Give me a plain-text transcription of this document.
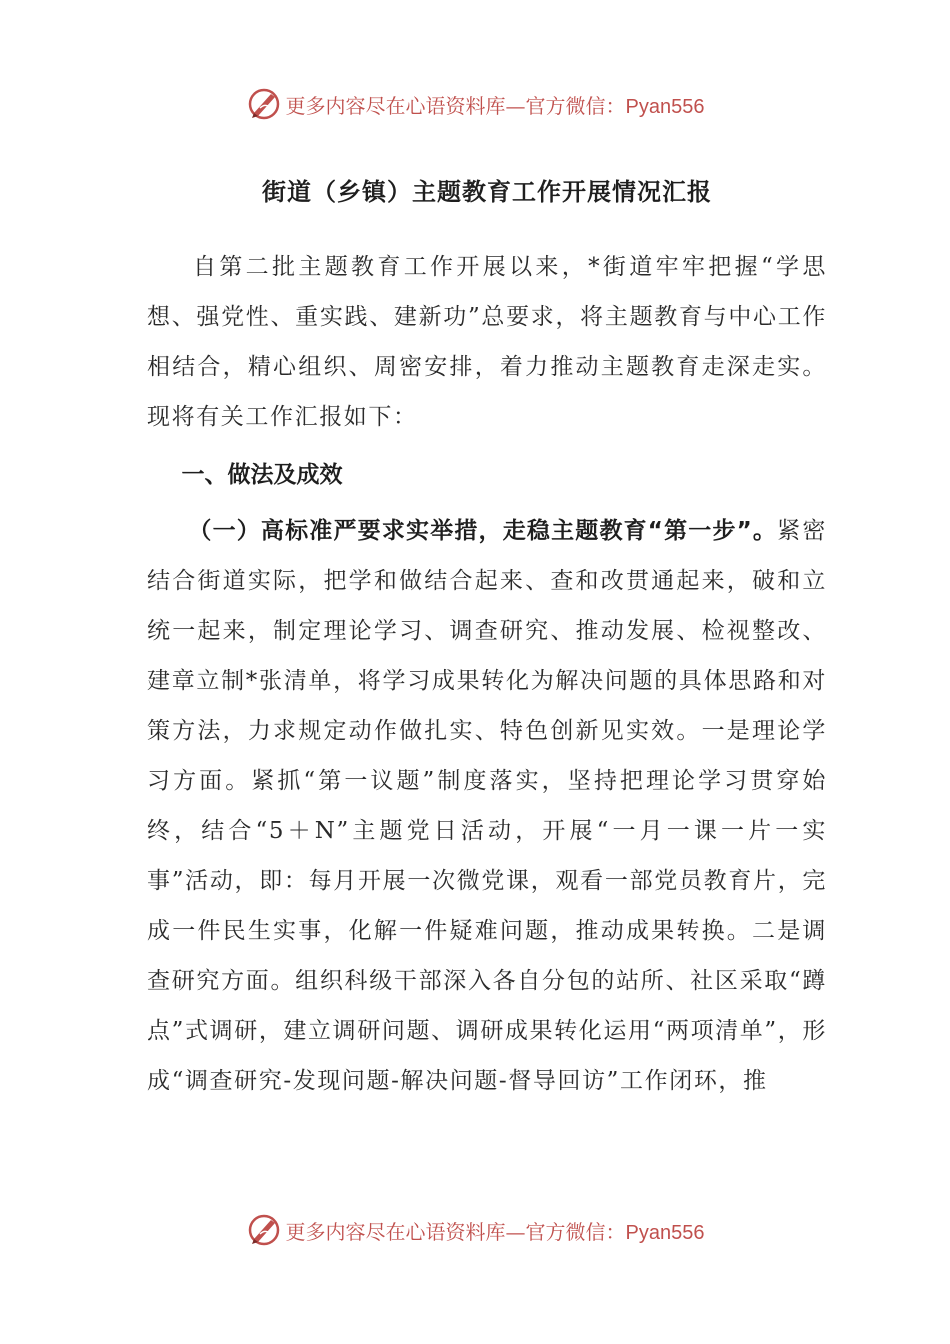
更多内容尽在心语资料库—官方微信：Pyan556
街道（乡镇）主题教育工作开展情况汇报

自第二批主题教育工作开展以来，*街道牢牢把握“学思想、强党性、重实践、建新功”总要求，将主题教育与中心工作相结合，精心组织、周密安排，着力推动主题教育走深走实。现将有关工作汇报如下：

一、做法及成效

（一）高标准严要求实举措，走稳主题教育“第一步”。紧密结合街道实际，把学和做结合起来、查和改贯通起来，破和立统一起来，制定理论学习、调查研究、推动发展、检视整改、建章立制*张清单，将学习成果转化为解决问题的具体思路和对策方法，力求规定动作做扎实、特色创新见实效。一是理论学习方面。紧抓“第一议题”制度落实，坚持把理论学习贯穿始终，结合“5＋N”主题党日活动，开展“一月一课一片一实事”活动，即：每月开展一次微党课，观看一部党员教育片，完成一件民生实事，化解一件疑难问题，推动成果转换。二是调查研究方面。组织科级干部深入各自分包的站所、社区采取“蹲点”式调研，建立调研问题、调研成果转化运用“两项清单”，形成“调查研究-发现问题-解决问题-督导回访”工作闭环，推

更多内容尽在心语资料库—官方微信：Pyan556
